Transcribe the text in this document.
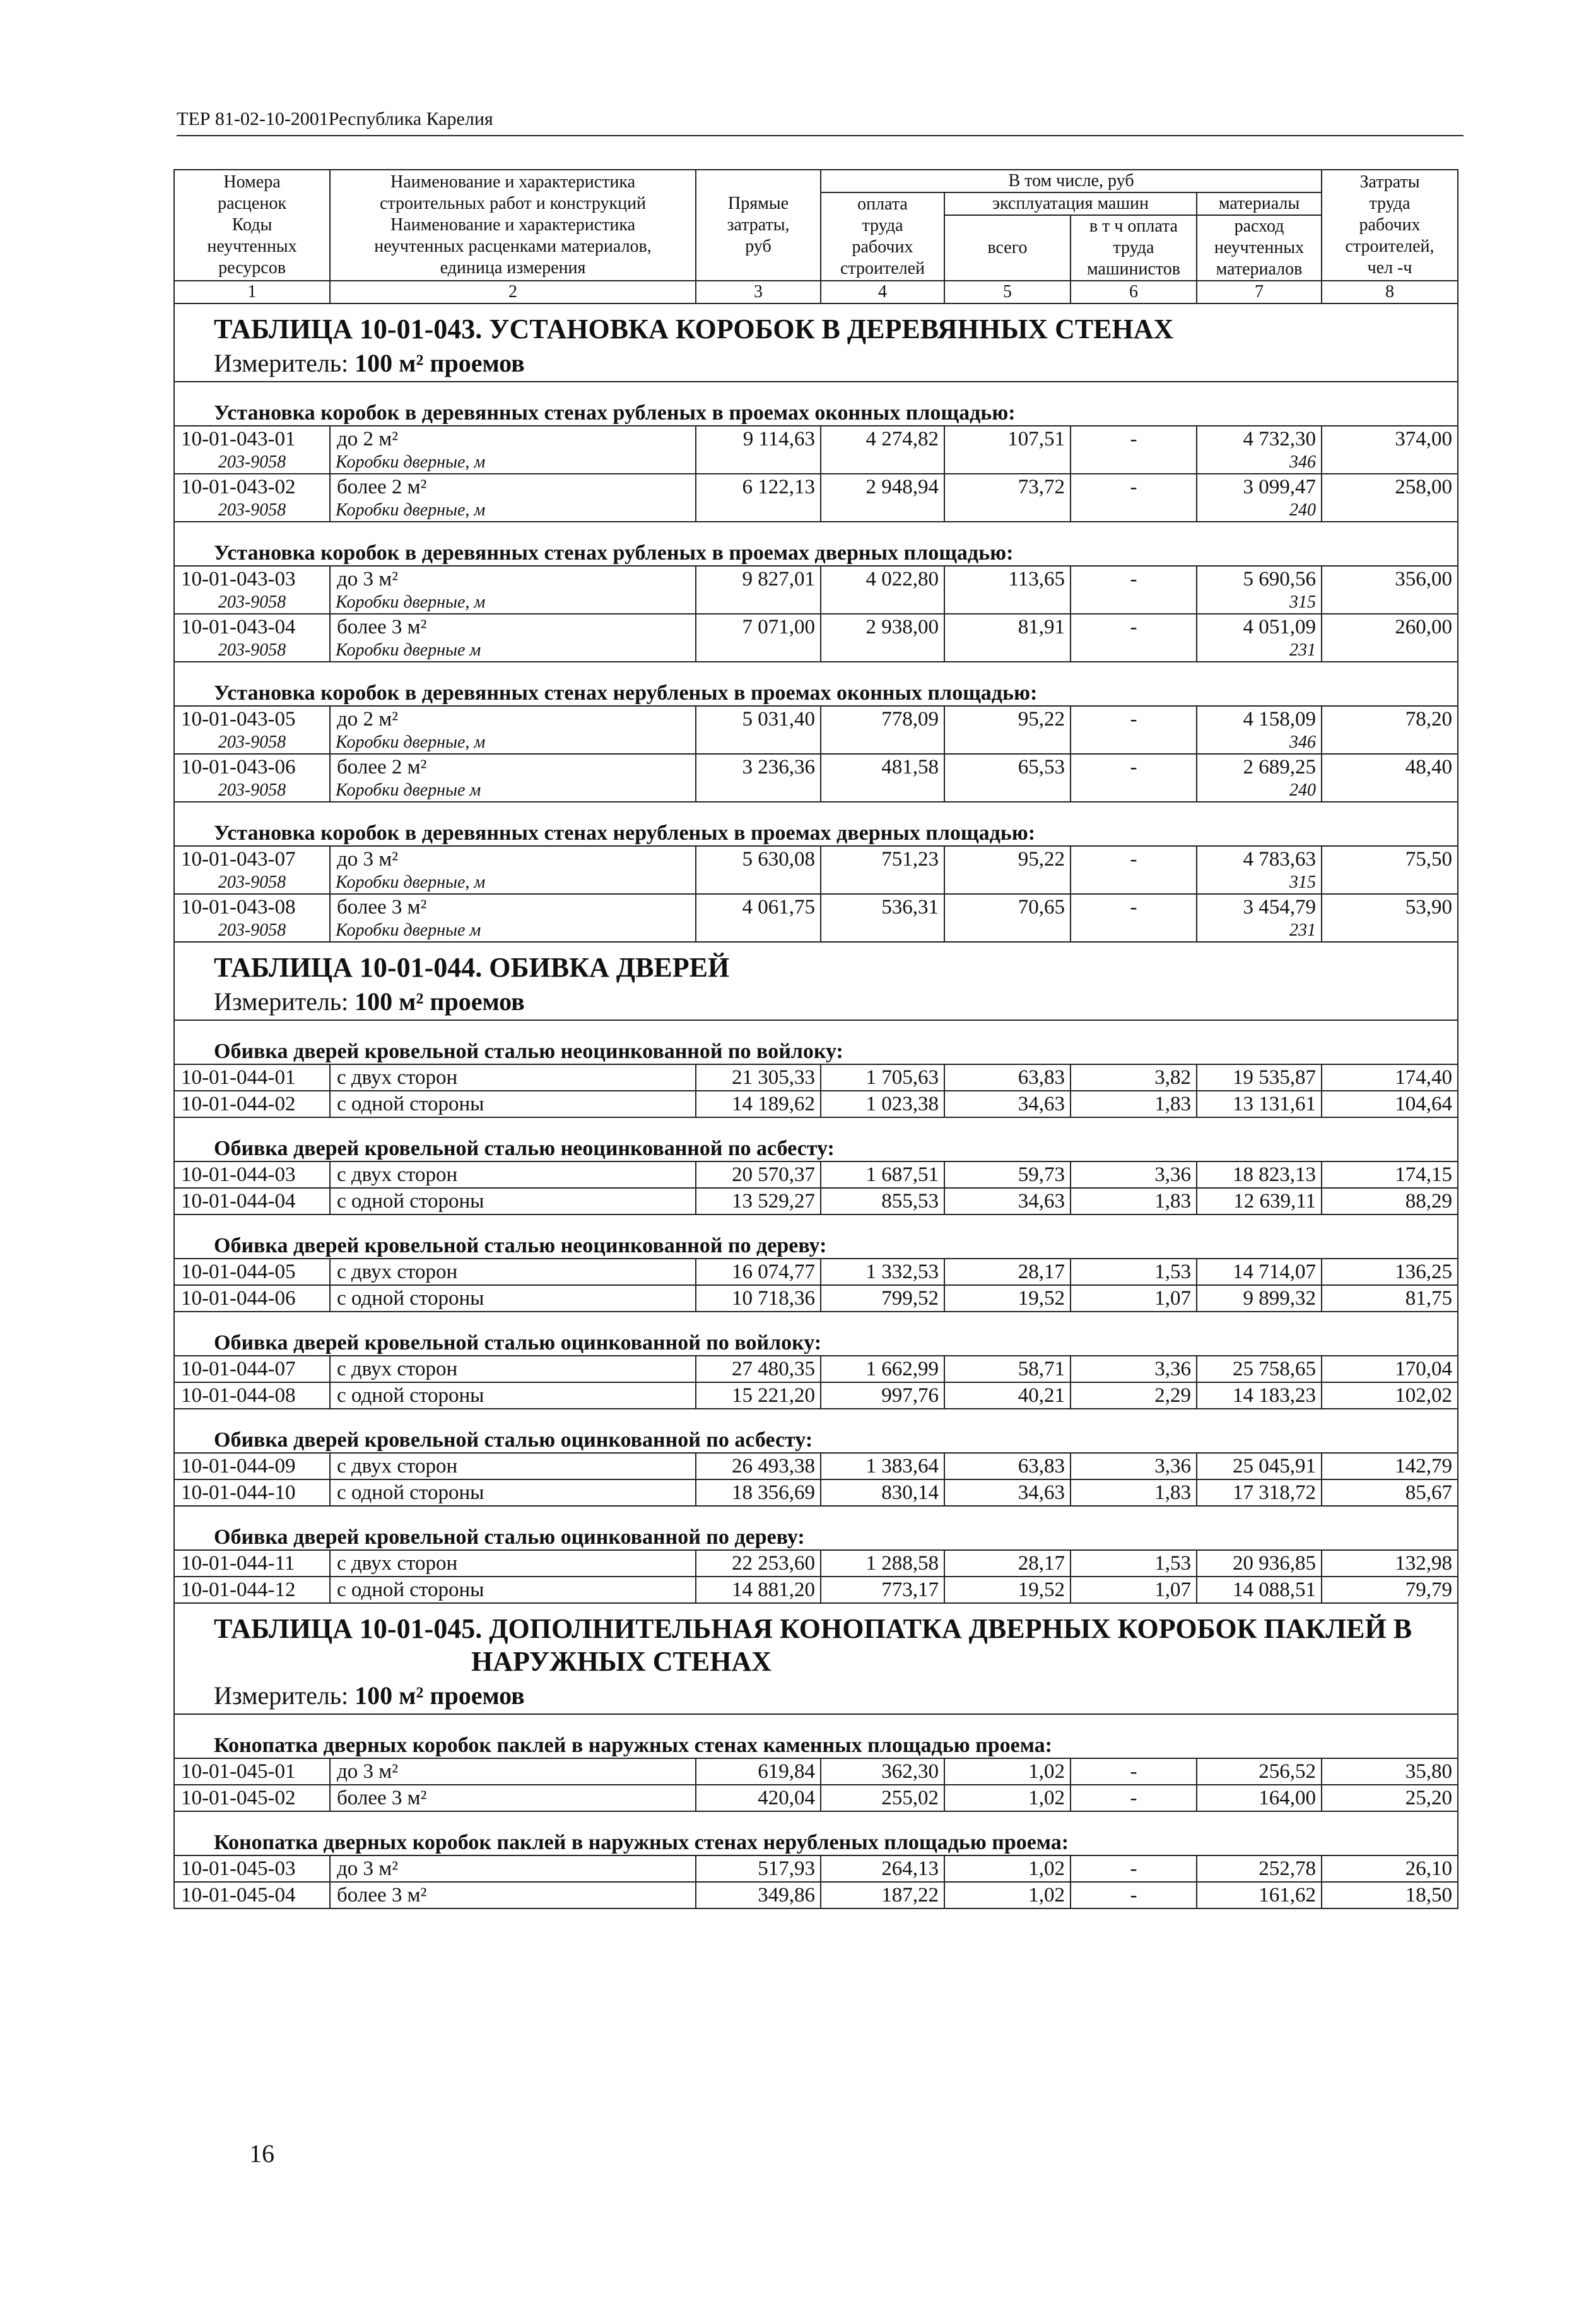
ТЕР 81-02-10-2001Республика Карелия
Номера
расценок
Коды
неучтенных
ресурсов	Наименование и характеристика
строительных работ и конструкций
Наименование и характеристика
неучтенных расценками материалов,
единица измерения	Прямые
затраты,
руб	В том числе, руб				Затраты
труда
рабочих
строителей,
чел -ч
			оплата
труда
рабочих
строителей	эксплуатация машин		материалы	
				всего	в т ч оплата
труда
машинистов	расход
неучтенных
материалов	

1	2	3	4	5	6	7	8
ТАБЛИЦА 10-01-043. УСТАНОВКА КОРОБОК В ДЕРЕВЯННЫХ СТЕНАХ							
Измеритель: 100 м² проемов							
Установка коробок в деревянных стенах рубленых в проемах оконных площадью:							
10-01-043-01	до 2 м²	9 114,63	4 274,82	107,51	-	4 732,30	374,00
203-9058	Коробки дверные, м					346	
10-01-043-02	более 2 м²	6 122,13	2 948,94	73,72	-	3 099,47	258,00
203-9058	Коробки дверные, м					240	
Установка коробок в деревянных стенах рубленых в проемах дверных площадью:							
10-01-043-03	до 3 м²	9 827,01	4 022,80	113,65	-	5 690,56	356,00
203-9058	Коробки дверные, м					315	
10-01-043-04	более 3 м²	7 071,00	2 938,00	81,91	-	4 051,09	260,00
203-9058	Коробки дверные м					231	
Установка коробок в деревянных стенах нерубленых в проемах оконных площадью:							
10-01-043-05	до 2 м²	5 031,40	778,09	95,22	-	4 158,09	78,20
203-9058	Коробки дверные, м					346	
10-01-043-06	более 2 м²	3 236,36	481,58	65,53	-	2 689,25	48,40
203-9058	Коробки дверные м					240	
Установка коробок в деревянных стенах нерубленых в проемах дверных площадью:							
10-01-043-07	до 3 м²	5 630,08	751,23	95,22	-	4 783,63	75,50
203-9058	Коробки дверные, м					315	
10-01-043-08	более 3 м²	4 061,75	536,31	70,65	-	3 454,79	53,90
203-9058	Коробки дверные м					231	
ТАБЛИЦА 10-01-044. ОБИВКА ДВЕРЕЙ							
Измеритель: 100 м² проемов							
Обивка дверей кровельной сталью неоцинкованной по войлоку:							
10-01-044-01	с двух сторон	21 305,33	1 705,63	63,83	3,82	19 535,87	174,40
10-01-044-02	с одной стороны	14 189,62	1 023,38	34,63	1,83	13 131,61	104,64
Обивка дверей кровельной сталью неоцинкованной по асбесту:							
10-01-044-03	с двух сторон	20 570,37	1 687,51	59,73	3,36	18 823,13	174,15
10-01-044-04	с одной стороны	13 529,27	855,53	34,63	1,83	12 639,11	88,29
Обивка дверей кровельной сталью неоцинкованной по дереву:							
10-01-044-05	с двух сторон	16 074,77	1 332,53	28,17	1,53	14 714,07	136,25
10-01-044-06	с одной стороны	10 718,36	799,52	19,52	1,07	9 899,32	81,75
Обивка дверей кровельной сталью оцинкованной по войлоку:							
10-01-044-07	с двух сторон	27 480,35	1 662,99	58,71	3,36	25 758,65	170,04
10-01-044-08	с одной стороны	15 221,20	997,76	40,21	2,29	14 183,23	102,02
Обивка дверей кровельной сталью оцинкованной по асбесту:							
10-01-044-09	с двух сторон	26 493,38	1 383,64	63,83	3,36	25 045,91	142,79
10-01-044-10	с одной стороны	18 356,69	830,14	34,63	1,83	17 318,72	85,67
Обивка дверей кровельной сталью оцинкованной по дереву:							
10-01-044-11	с двух сторон	22 253,60	1 288,58	28,17	1,53	20 936,85	132,98
10-01-044-12	с одной стороны	14 881,20	773,17	19,52	1,07	14 088,51	79,79
ТАБЛИЦА 10-01-045. ДОПОЛНИТЕЛЬНАЯ КОНОПАТКА ДВЕРНЫХ КОРОБОК ПАКЛЕЙ В
НАРУЖНЫХ СТЕНАХ							

Измеритель: 100 м² проемов							
Конопатка дверных коробок паклей в наружных стенах каменных площадью проема:							
10-01-045-01	до 3 м²	619,84	362,30	1,02	-	256,52	35,80
10-01-045-02	более 3 м²	420,04	255,02	1,02	-	164,00	25,20
Конопатка дверных коробок паклей в наружных стенах нерубленых площадью проема:							
10-01-045-03	до 3 м²	517,93	264,13	1,02	-	252,78	26,10
10-01-045-04	более 3 м²	349,86	187,22	1,02	-	161,62	18,50
16
